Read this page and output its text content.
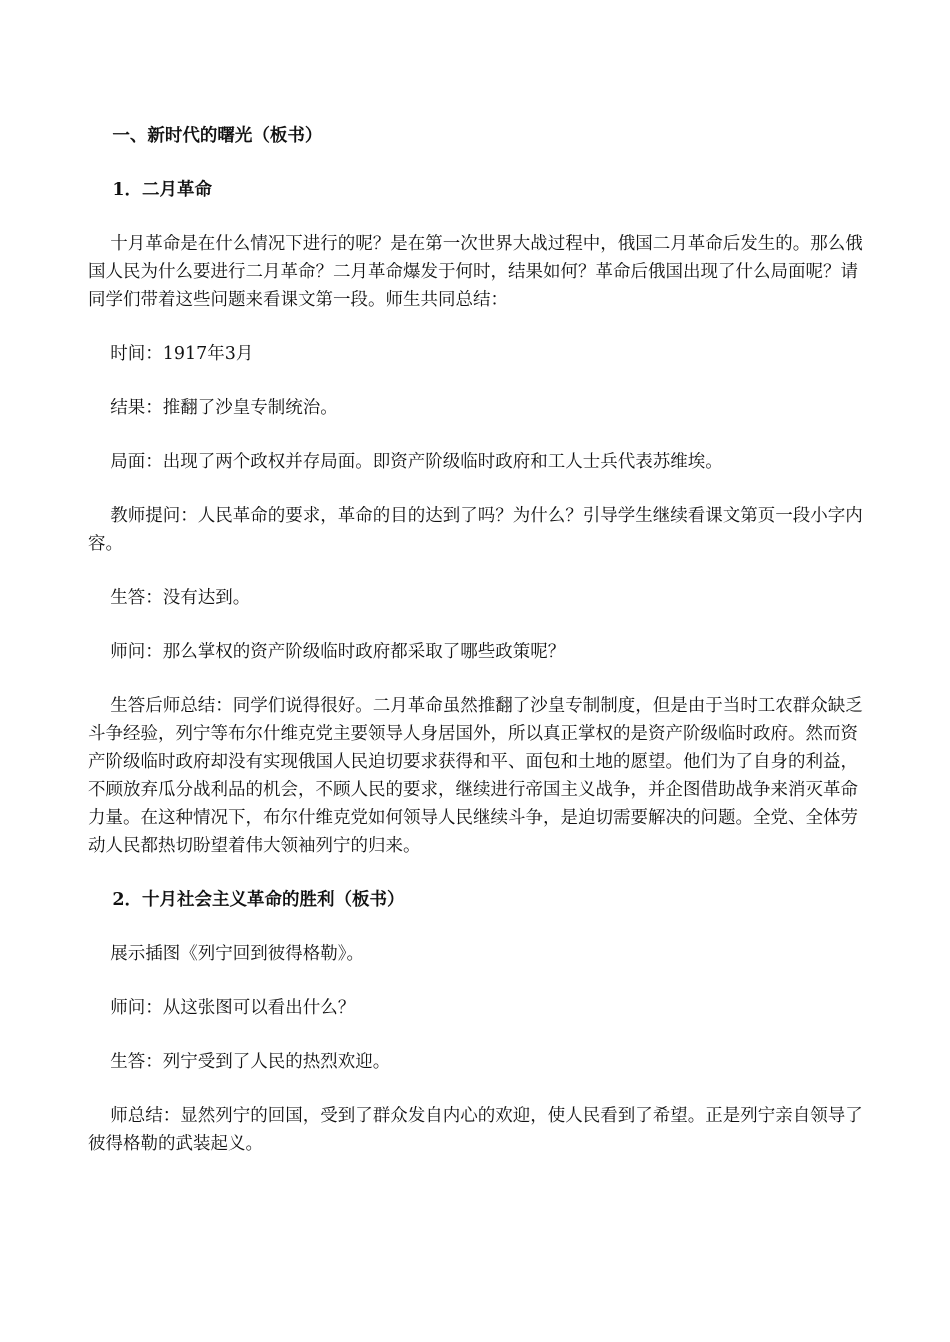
一、新时代的曙光（板书）

1．二月革命

十月革命是在什么情况下进行的呢？是在第一次世界大战过程中，俄国二月革命后发生的。那么俄国人民为什么要进行二月革命？二月革命爆发于何时，结果如何？革命后俄国出现了什么局面呢？请同学们带着这些问题来看课文第一段。师生共同总结：

时间：1917年3月

结果：推翻了沙皇专制统治。

局面：出现了两个政权并存局面。即资产阶级临时政府和工人士兵代表苏维埃。

教师提问：人民革命的要求，革命的目的达到了吗？为什么？引导学生继续看课文第页一段小字内容。

生答：没有达到。

师问：那么掌权的资产阶级临时政府都采取了哪些政策呢？

生答后师总结：同学们说得很好。二月革命虽然推翻了沙皇专制制度，但是由于当时工农群众缺乏斗争经验，列宁等布尔什维克党主要领导人身居国外，所以真正掌权的是资产阶级临时政府。然而资产阶级临时政府却没有实现俄国人民迫切要求获得和平、面包和土地的愿望。他们为了自身的利益，不顾放弃瓜分战利品的机会，不顾人民的要求，继续进行帝国主义战争，并企图借助战争来消灭革命力量。在这种情况下，布尔什维克党如何领导人民继续斗争，是迫切需要解决的问题。全党、全体劳动人民都热切盼望着伟大领袖列宁的归来。

2．十月社会主义革命的胜利（板书）

展示插图《列宁回到彼得格勒》。

师问：从这张图可以看出什么？

生答：列宁受到了人民的热烈欢迎。

师总结：显然列宁的回国，受到了群众发自内心的欢迎，使人民看到了希望。正是列宁亲自领导了彼得格勒的武装起义。
